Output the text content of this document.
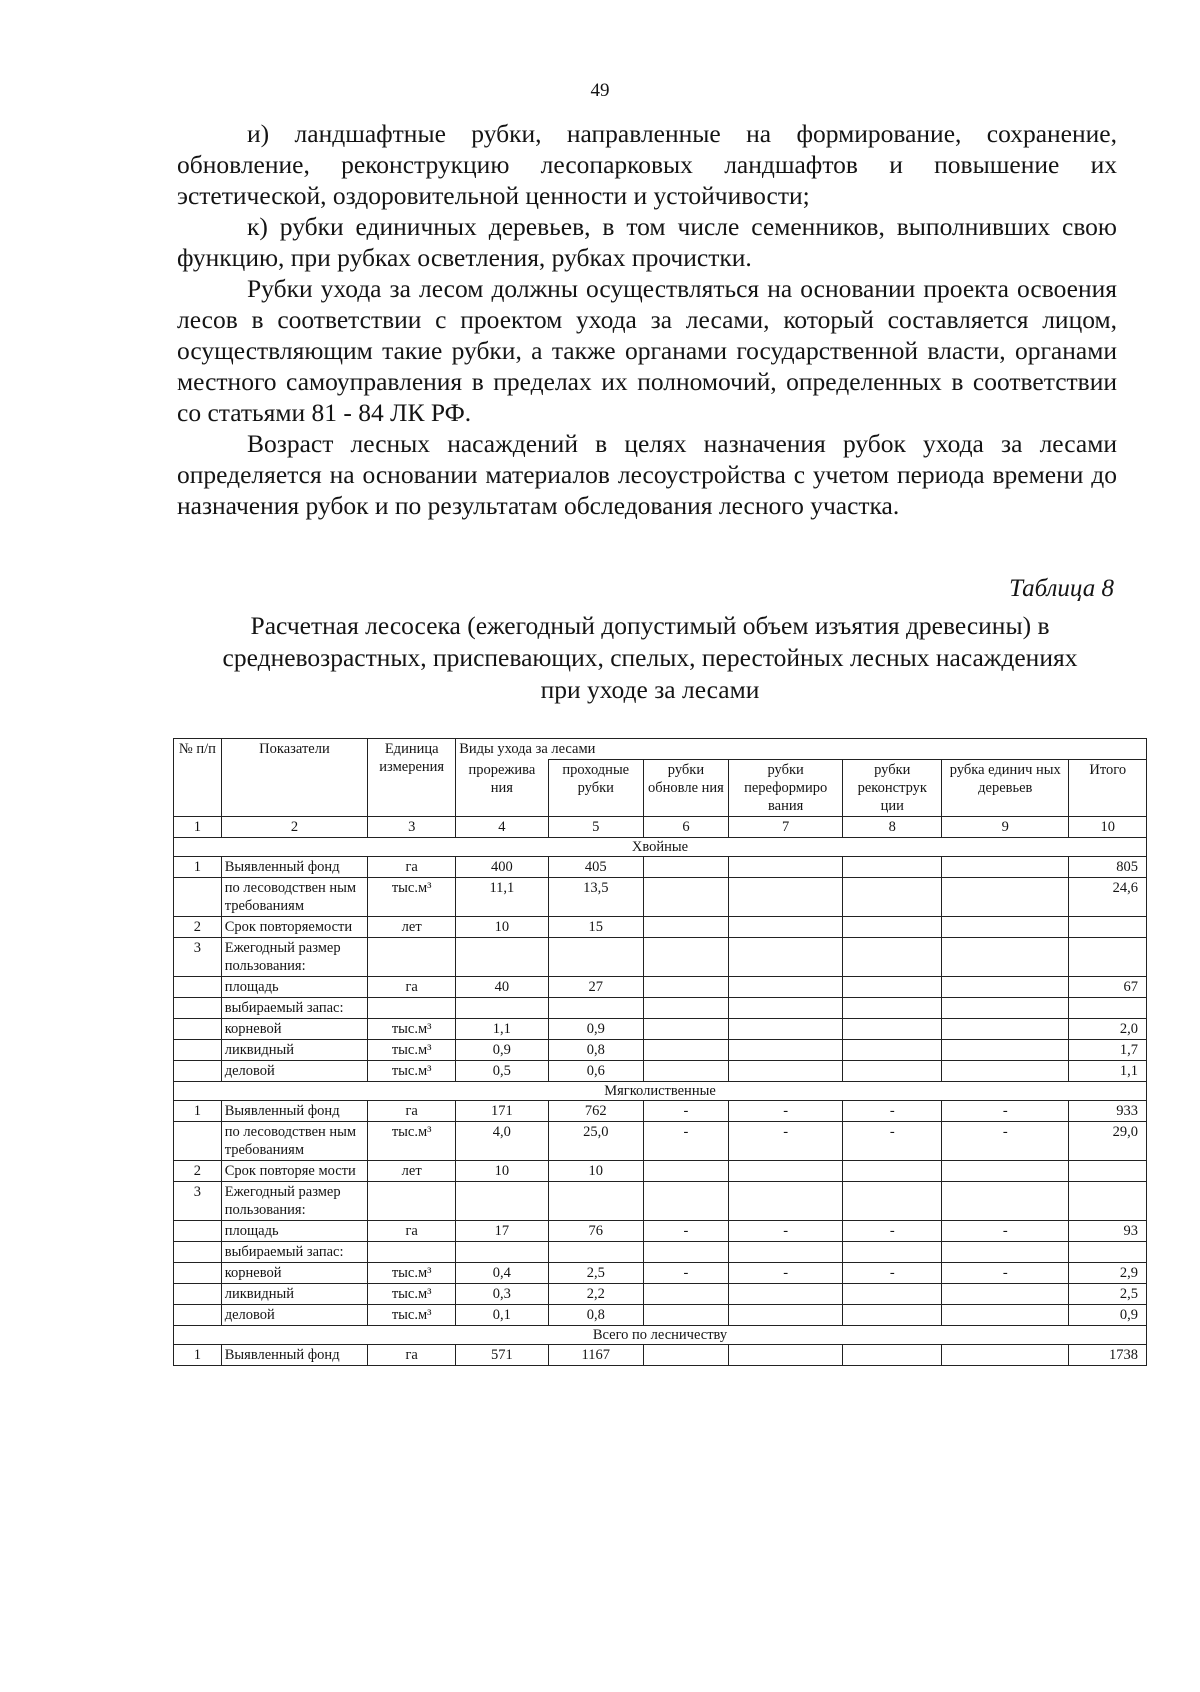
49

и) ландшафтные рубки, направленные на формирование, сохранение, обновление, реконструкцию лесопарковых ландшафтов и повышение их эстетической, оздоровительной ценности и устойчивости;

к) рубки единичных деревьев, в том числе семенников, выполнивших свою функцию, при рубках осветления, рубках прочистки.

Рубки ухода за лесом должны осуществляться на основании проекта освоения лесов в соответствии с проектом ухода за лесами, который составляется лицом, осуществляющим такие рубки, а также органами государственной власти, органами местного самоуправления в пределах их полномочий, определенных в соответствии со статьями 81 - 84 ЛК РФ.

Возраст лесных насаждений в целях назначения рубок ухода за лесами определяется на основании материалов лесоустройства с учетом периода времени до назначения рубок и по результатам обследования лесного участка.

Таблица 8
Расчетная лесосека (ежегодный допустимый объем изъятия древесины) в средневозрастных, приспевающих, спелых, перестойных лесных насаждениях при уходе за лесами
№ п/п	Показатели	Единица измерения	Виды ухода за лесами						
			прорежива ния	проходные рубки	рубки обновле ния	рубки переформиро вания	рубки реконструк ции	рубка единич ных деревьев	Итого
1	2	3	4	5	6	7	8	9	10
Хвойные									
1	Выявленный фонд	га	400	405					805
	по лесоводствен ным требованиям	тыс.м³	11,1	13,5					24,6
2	Срок повторяемости	лет	10	15					
3	Ежегодный размер пользования:								
	площадь	га	40	27					67
	выбираемый запас:								
	корневой	тыс.м³	1,1	0,9					2,0
	ликвидный	тыс.м³	0,9	0,8					1,7
	деловой	тыс.м³	0,5	0,6					1,1
Мягколиственные									
1	Выявленный фонд	га	171	762	-	-	-	-	933
	по лесоводствен ным требованиям	тыс.м³	4,0	25,0	-	-	-	-	29,0
2	Срок повторяе мости	лет	10	10					
3	Ежегодный размер пользования:								
	площадь	га	17	76	-	-	-	-	93
	выбираемый запас:								
	корневой	тыс.м³	0,4	2,5	-	-	-	-	2,9
	ликвидный	тыс.м³	0,3	2,2					2,5
	деловой	тыс.м³	0,1	0,8					0,9
Всего по лесничеству									
1	Выявленный фонд	га	571	1167					1738
